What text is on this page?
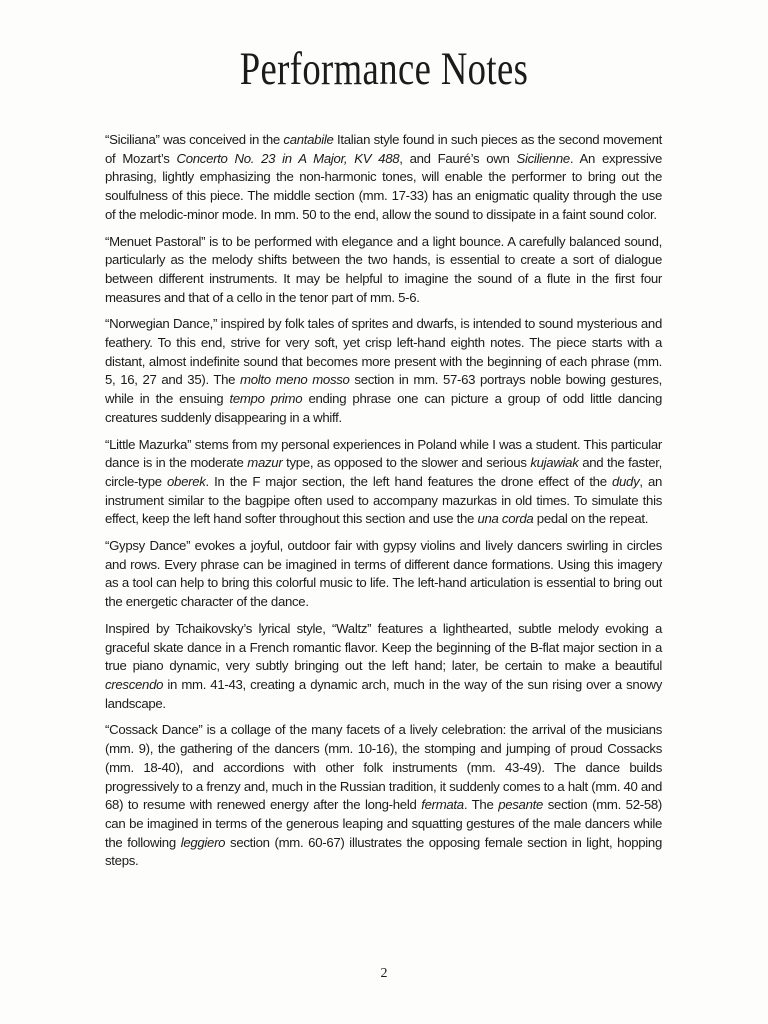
Performance Notes

“Siciliana” was conceived in the cantabile Italian style found in such pieces as the second movement of Mozart’s Concerto No. 23 in A Major, KV 488, and Fauré’s own Sicilienne. An expressive phrasing, lightly emphasizing the non-harmonic tones, will enable the performer to bring out the soulfulness of this piece. The middle section (mm. 17-33) has an enigmatic quality through the use of the melodic-minor mode. In mm. 50 to the end, allow the sound to dissipate in a faint sound color.

“Menuet Pastoral” is to be performed with elegance and a light bounce. A carefully balanced sound, particularly as the melody shifts between the two hands, is essential to create a sort of dialogue between different instruments. It may be helpful to imagine the sound of a flute in the first four measures and that of a cello in the tenor part of mm. 5-6.

“Norwegian Dance,” inspired by folk tales of sprites and dwarfs, is intended to sound mysterious and feathery. To this end, strive for very soft, yet crisp left-hand eighth notes. The piece starts with a distant, almost indefinite sound that becomes more present with the beginning of each phrase (mm. 5, 16, 27 and 35). The molto meno mosso section in mm. 57-63 portrays noble bowing gestures, while in the ensuing tempo primo ending phrase one can picture a group of odd little dancing creatures suddenly disappearing in a whiff.

“Little Mazurka” stems from my personal experiences in Poland while I was a student. This particular dance is in the moderate mazur type, as opposed to the slower and serious kujawiak and the faster, circle-type oberek. In the F major section, the left hand features the drone effect of the dudy, an instrument similar to the bagpipe often used to accompany mazurkas in old times. To simulate this effect, keep the left hand softer throughout this section and use the una corda pedal on the repeat.

“Gypsy Dance” evokes a joyful, outdoor fair with gypsy violins and lively dancers swirling in circles and rows. Every phrase can be imagined in terms of different dance formations. Using this imagery as a tool can help to bring this colorful music to life. The left-hand articulation is essential to bring out the energetic character of the dance.

Inspired by Tchaikovsky’s lyrical style, “Waltz” features a lighthearted, subtle melody evoking a graceful skate dance in a French romantic flavor. Keep the beginning of the B-flat major section in a true piano dynamic, very subtly bringing out the left hand; later, be certain to make a beautiful crescendo in mm. 41-43, creating a dynamic arch, much in the way of the sun rising over a snowy landscape.

“Cossack Dance” is a collage of the many facets of a lively celebration: the arrival of the musicians (mm. 9), the gathering of the dancers (mm. 10-16), the stomping and jumping of proud Cossacks (mm. 18-40), and accordions with other folk instruments (mm. 43-49). The dance builds progressively to a frenzy and, much in the Russian tradition, it suddenly comes to a halt (mm. 40 and 68) to resume with renewed energy after the long-held fermata. The pesante section (mm. 52-58) can be imagined in terms of the generous leaping and squatting gestures of the male dancers while the following leggiero section (mm. 60-67) illustrates the opposing female section in light, hopping steps.

2
